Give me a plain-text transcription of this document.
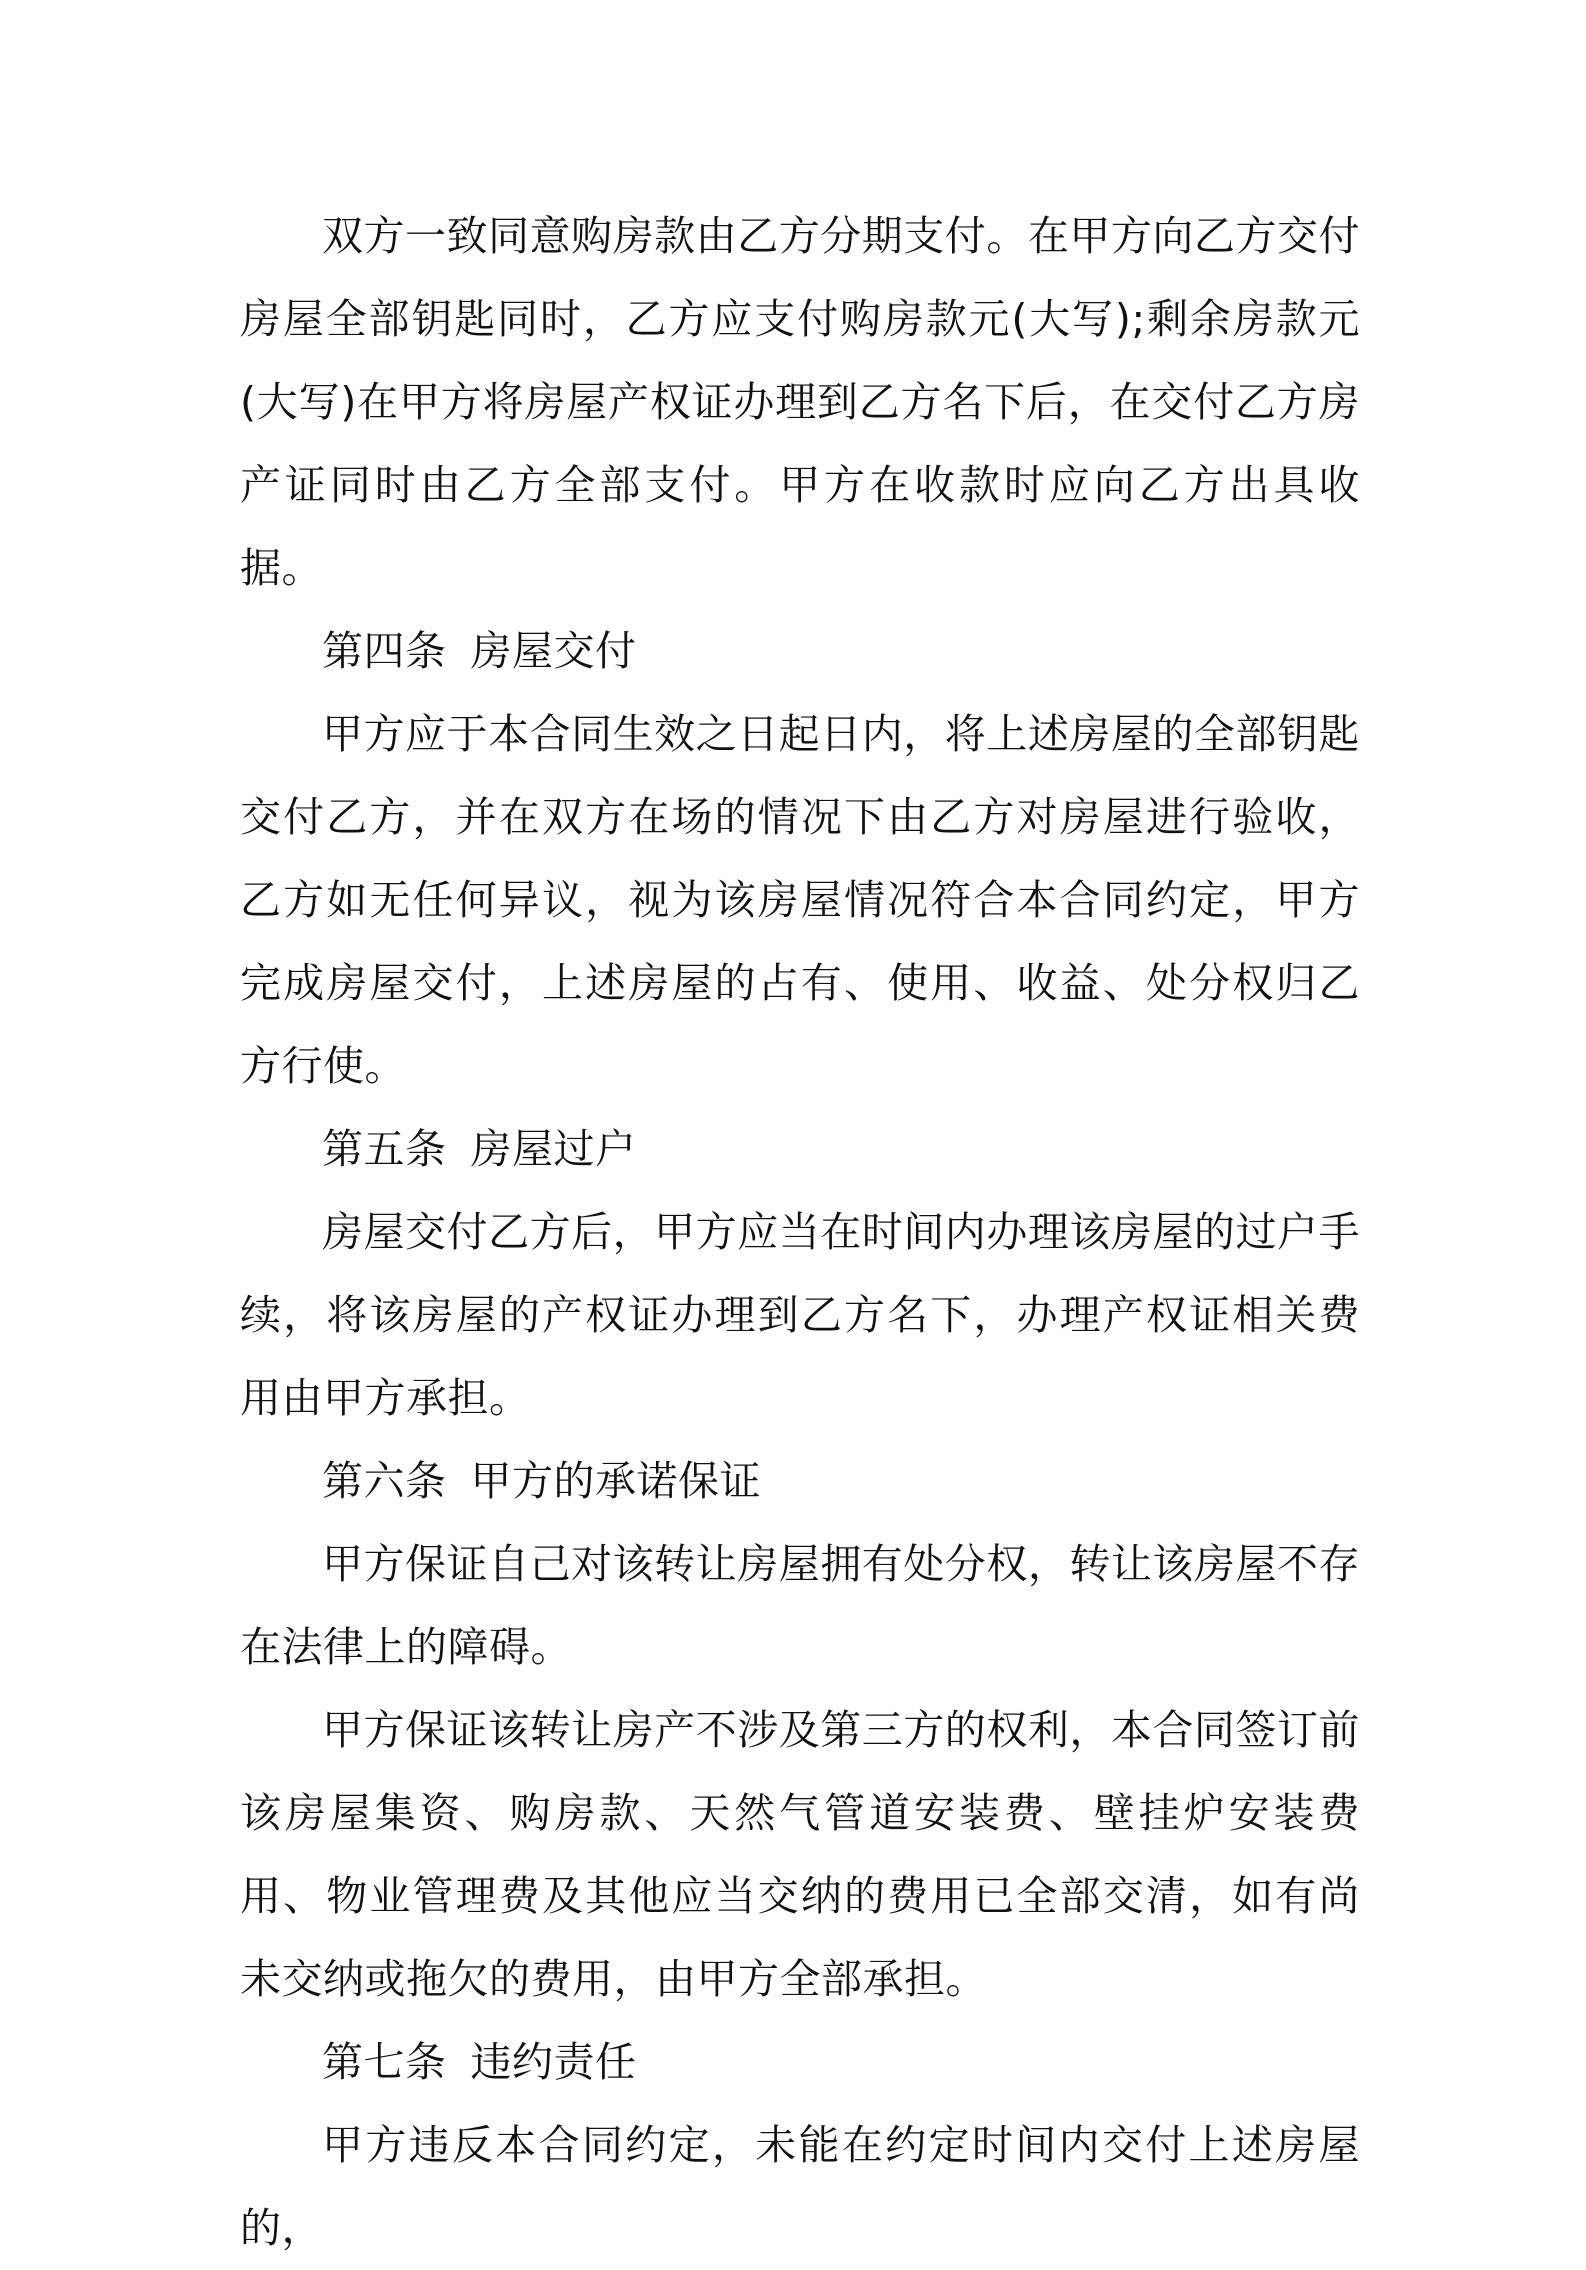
双方一致同意购房款由乙方分期支付。在甲方向乙方交付房屋全部钥匙同时，乙方应支付购房款元(大写);剩余房款元(大写)在甲方将房屋产权证办理到乙方名下后，在交付乙方房产证同时由乙方全部支付。甲方在收款时应向乙方出具收据。

第四条 房屋交付

甲方应于本合同生效之日起日内，将上述房屋的全部钥匙交付乙方，并在双方在场的情况下由乙方对房屋进行验收，乙方如无任何异议，视为该房屋情况符合本合同约定，甲方完成房屋交付，上述房屋的占有、使用、收益、处分权归乙方行使。

第五条 房屋过户

房屋交付乙方后，甲方应当在时间内办理该房屋的过户手续，将该房屋的产权证办理到乙方名下，办理产权证相关费用由甲方承担。

第六条 甲方的承诺保证

甲方保证自己对该转让房屋拥有处分权，转让该房屋不存在法律上的障碍。

甲方保证该转让房产不涉及第三方的权利，本合同签订前该房屋集资、购房款、天然气管道安装费、壁挂炉安装费用、物业管理费及其他应当交纳的费用已全部交清，如有尚未交纳或拖欠的费用，由甲方全部承担。

第七条 违约责任

甲方违反本合同约定，未能在约定时间内交付上述房屋的，
